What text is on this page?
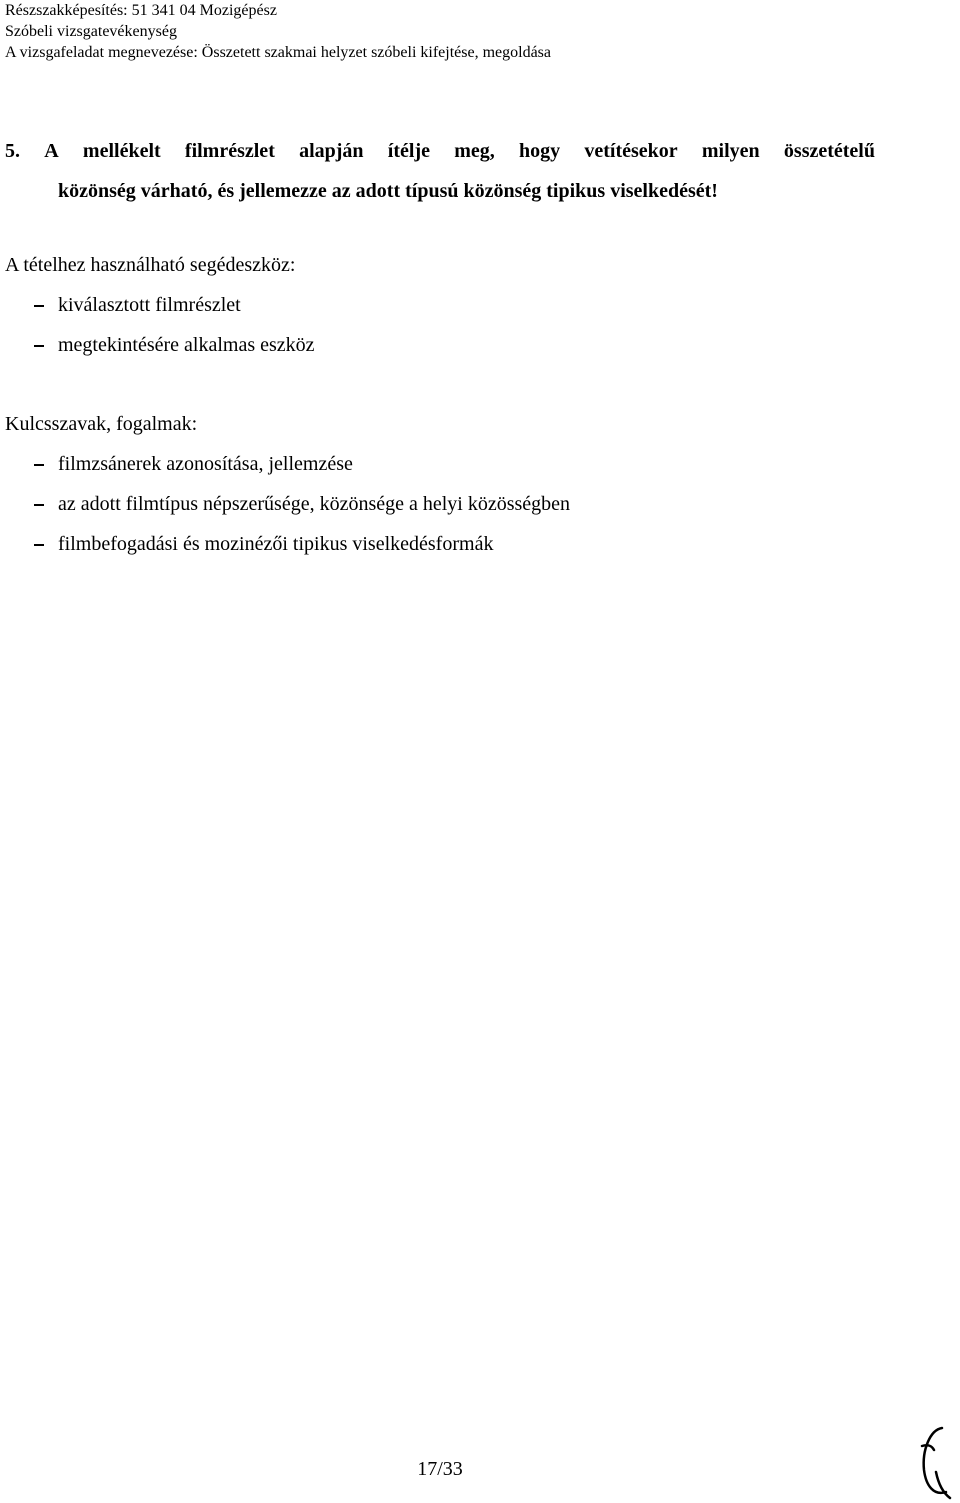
Részszakképesítés: 51 341 04 Mozigépész
Szóbeli vizsgatevékenység
A vizsgafeladat megnevezése: Összetett szakmai helyzet szóbeli kifejtése, megoldása
5. A mellékelt filmrészlet alapján ítélje meg, hogy vetítésekor milyen összetételű
közönség várható, és jellemezze az adott típusú közönség tipikus viselkedését!
A tételhez használható segédeszköz:
kiválasztott filmrészlet
megtekintésére alkalmas eszköz
Kulcsszavak, fogalmak:
filmzsánerek azonosítása, jellemzése
az adott filmtípus népszerűsége, közönsége a helyi közösségben
filmbefogadási és mozinézői tipikus viselkedésformák
17/33
